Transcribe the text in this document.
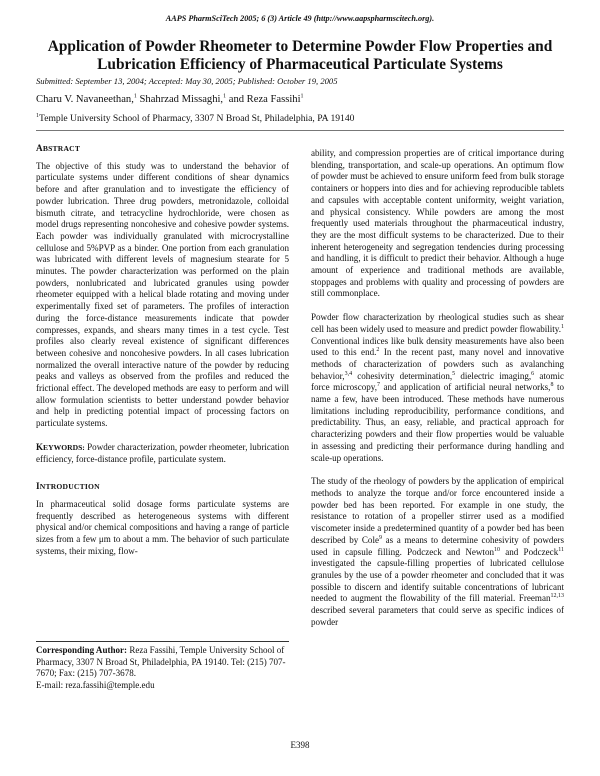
AAPS PharmSciTech 2005; 6 (3) Article 49 (http://www.aapspharmscitech.org).
Application of Powder Rheometer to Determine Powder Flow Properties and
Lubrication Efficiency of Pharmaceutical Particulate Systems
Submitted: September 13, 2004; Accepted: May 30, 2005; Published: October 19, 2005
Charu V. Navaneethan,$^1$ Shahrzad Missaghi,$^1$ and Reza Fassihi$^1$
$^1$Temple University School of Pharmacy, 3307 N Broad St, Philadelphia, PA 19140
ABSTRACT

The objective of this study was to understand the behavior of particulate systems under different conditions of shear dynamics before and after granulation and to investigate the efficiency of powder lubrication. Three drug powders, metronidazole, colloidal bismuth citrate, and tetracycline hydrochloride, were chosen as model drugs representing noncohesive and cohesive powder systems. Each powder was individually granulated with microcrystalline cellulose and 5%PVP as a binder. One portion from each granulation was lubricated with different levels of magnesium stearate for 5 minutes. The powder characterization was performed on the plain powders, nonlubricated and lubricated granules using powder rheometer equipped with a helical blade rotating and moving under experimentally fixed set of parameters. The profiles of interaction during the force-distance measurements indicate that powder compresses, expands, and shears many times in a test cycle. Test profiles also clearly reveal existence of significant differences between cohesive and noncohesive powders. In all cases lubrication normalized the overall interactive nature of the powder by reducing peaks and valleys as observed from the profiles and reduced the frictional effect. The developed methods are easy to perform and will allow formulation scientists to better understand powder behavior and help in predicting potential impact of processing factors on particulate systems.

KEYWORDS: Powder characterization, powder rheometer, lubrication efficiency, force-distance profile, particulate system.

INTRODUCTION

In pharmaceutical solid dosage forms particulate systems are frequently described as heterogeneous systems with different physical and/or chemical compositions and having a range of particle sizes from a few μm to about a mm. The behavior of such particulate systems, their mixing, flow-

Corresponding Author: Reza Fassihi, Temple University School of Pharmacy, 3307 N Broad St, Philadelphia, PA 19140. Tel: (215) 707-7670; Fax: (215) 707-3678.
E-mail: reza.fassihi@temple.edu

ability, and compression properties are of critical importance during blending, transportation, and scale-up operations. An optimum flow of powder must be achieved to ensure uniform feed from bulk storage containers or hoppers into dies and for achieving reproducible tablets and capsules with acceptable content uniformity, weight variation, and physical consistency. While powders are among the most frequently used materials throughout the pharmaceutical industry, they are the most difficult systems to be characterized. Due to their inherent heterogeneity and segregation tendencies during processing and handling, it is difficult to predict their behavior. Although a huge amount of experience and traditional methods are available, stoppages and problems with quality and processing of powders are still commonplace.

Powder flow characterization by rheological studies such as shear cell has been widely used to measure and predict powder flowability.$^1$ Conventional indices like bulk density measurements have also been used to this end.$^2$ In the recent past, many novel and innovative methods of characterization of powders such as avalanching behavior,$^{3,4}$ cohesivity determination,$^5$ dielectric imaging,$^6$ atomic force microscopy,$^7$ and application of artificial neural networks,$^8$ to name a few, have been introduced. These methods have numerous limitations including reproducibility, performance conditions, and predictability. Thus, an easy, reliable, and practical approach for characterizing powders and their flow properties would be valuable in assessing and predicting their performance during handling and scale-up operations.

The study of the rheology of powders by the application of empirical methods to analyze the torque and/or force encountered inside a powder bed has been reported. For example in one study, the resistance to rotation of a propeller stirrer used as a modified viscometer inside a predetermined quantity of a powder bed has been described by Cole$^9$ as a means to determine cohesivity of powders used in capsule filling. Podczeck and Newton$^{10}$ and Podczeck$^{11}$ investigated the capsule-filling properties of lubricated cellulose granules by the use of a powder rheometer and concluded that it was possible to discern and identify suitable concentrations of lubricant needed to augment the flowability of the fill material. Freeman$^{12,13}$ described several parameters that could serve as specific indices of powder

E398
